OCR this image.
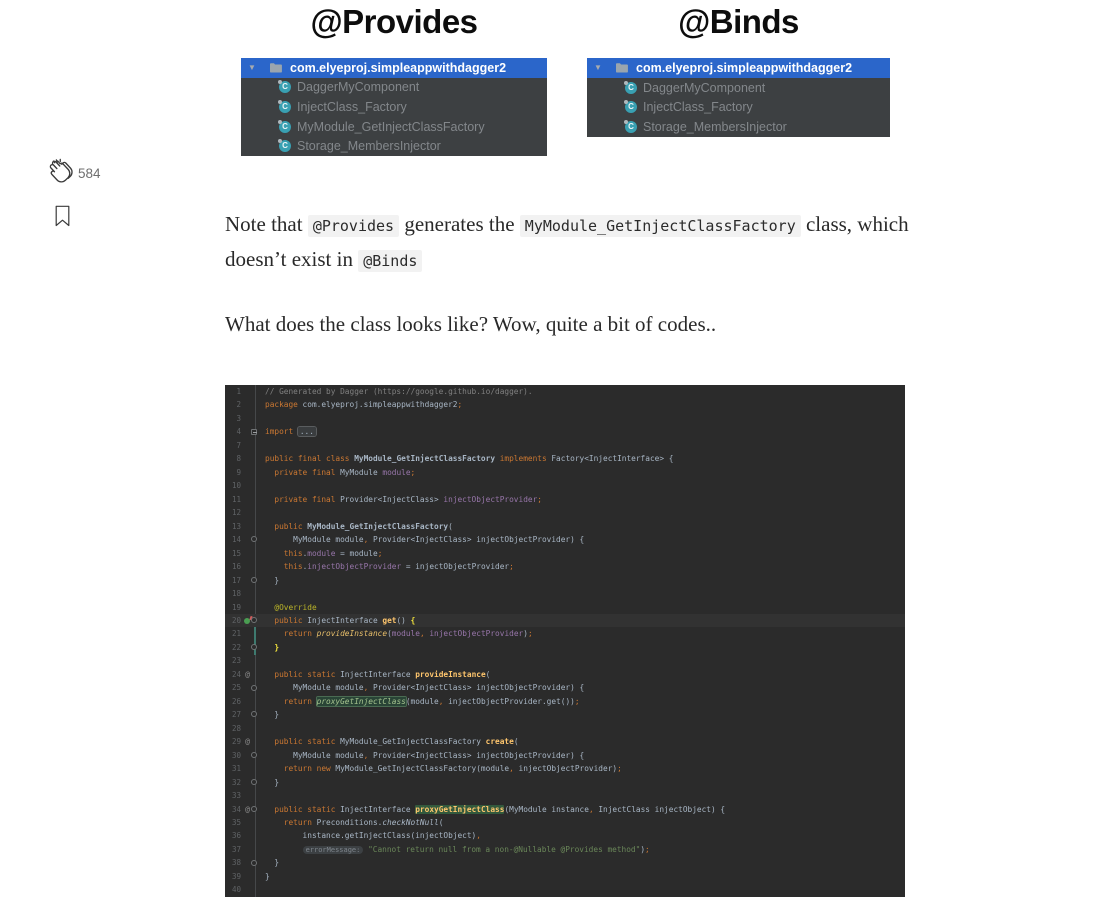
584
@Provides	@Binds
▼	com.elyeproj.simpleappwithdagger2
C DaggerMyComponent
C InjectClass_Factory
C MyModule_GetInjectClassFactory
C Storage_MembersInjector
▼	com.elyeproj.simpleappwithdagger2
C DaggerMyComponent
C InjectClass_Factory
C Storage_MembersInjector

Note that @Provides generates the MyModule_GetInjectClassFactory class, which doesn’t exist in @Binds

What does the class looks like? Wow, quite a bit of codes..

1	// Generated by Dagger (https://google.github.io/dagger).
2	package com.elyeproj.simpleappwithdagger2;
3
4	import ...
7
8	public final class MyModule_GetInjectClassFactory implements Factory<InjectInterface> {
9	private final MyModule module;
10
11	private final Provider<InjectClass> injectObjectProvider;
12
13	public MyModule_GetInjectClassFactory(
14	MyModule module, Provider<InjectClass> injectObjectProvider) {
15	this.module = module;
16	this.injectObjectProvider = injectObjectProvider;
17	}
18
19	@Override
20	public InjectInterface get() {
21	return provideInstance(module, injectObjectProvider);
22	}
23
24 @	public static InjectInterface provideInstance(
25	MyModule module, Provider<InjectClass> injectObjectProvider) {
26	return proxyGetInjectClass(module, injectObjectProvider.get());
27	}
28
29 @	public static MyModule_GetInjectClassFactory create(
30	MyModule module, Provider<InjectClass> injectObjectProvider) {
31	return new MyModule_GetInjectClassFactory(module, injectObjectProvider);
32	}
33
34 @	public static InjectInterface proxyGetInjectClass(MyModule instance, InjectClass injectObject) {
35	return Preconditions.checkNotNull(
36	instance.getInjectClass(injectObject),
37	errorMessage: "Cannot return null from a non-@Nullable @Provides method");
38	}
39	}
40
